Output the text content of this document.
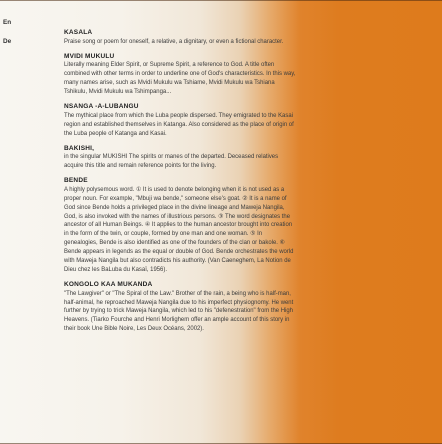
En
De
KASALA
Praise song or poem for oneself, a relative, a dignitary, or even a fictional character.
MVIDI MUKULU
Literally meaning Elder Spirit, or Supreme Spirit, a reference to God. A title often combined with other terms in order to underline one of God's characteristics. In this way, many names arise, such as Mvidi Mukulu wa Tshiame, Mvidi Mukulu wa Tshiana Tshikulu, Mvidi Mukulu wa Tshimpanga...
NSANGA -A-LUBANGU
The mythical place from which the Luba people dispersed. They emigrated to the Kasai region and established themselves in Katanga. Also considered as the place of origin of the Luba people of Katanga and Kasai.
BAKISHI,
in the singular MUKISHI The spirits or manes of the departed. Deceased relatives acquire this title and remain reference points for the living.
BENDE
A highly polysemous word. ① It is used to denote belonging when it is not used as a proper noun. For example, "Mbuji wa bende," someone else's goat. ② It is a name of God since Bende holds a privileged place in the divine lineage and Maweja Nangila, God, is also invoked with the names of illustrious persons. ③ The word designates the ancestor of all Human Beings. ④ It applies to the human ancestor brought into creation in the form of the twin, or couple, formed by one man and one woman. ⑤ In genealogies, Bende is also identified as one of the founders of the clan or bakole. ⑥ Bende appears in legends as the equal or double of God. Bende orchestrates the world with Maweja Nangila but also contradicts his authority. (Van Caeneghem, La Notion de Dieu chez les BaLuba du Kasaï, 1956).
KONGOLO KAA MUKANDA
"The Lawgiver" or "The Spiral of the Law." Brother of the rain, a being who is half-man, half-animal, he reproached Maweja Nangila due to his imperfect physiognomy. He went further by trying to trick Maweja Nangila, which led to his "defenestration" from the High Heavens. (Tiarko Fourche and Henri Morlighem offer an ample account of this story in their book Une Bible Noire, Les Deux Océans, 2002).
